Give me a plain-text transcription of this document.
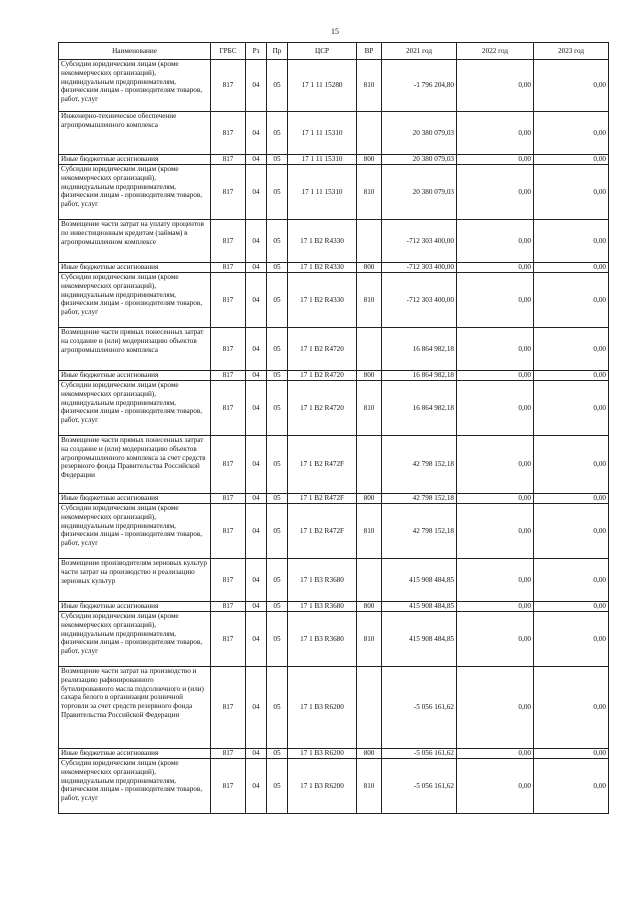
15
Наименование	ГРБС	Рз	Пр	ЦСР	ВР	2021 год	2022 год	2023 год
Субсидии юридическим лицам (кроме некоммерческих организаций), индивидуальным предпринимателям, физическим лицам - производителям товаров, работ, услуг	817	04	05	17 1 11 15280	810	-1 796 204,80	0,00	0,00
Инженерно-техническое обеспечение агропромышленного комплекса	817	04	05	17 1 11 15310		20 380 079,03	0,00	0,00
Иные бюджетные ассигнования	817	04	05	17 1 11 15310	800	20 380 079,03	0,00	0,00
Субсидии юридическим лицам (кроме некоммерческих организаций), индивидуальным предпринимателям, физическим лицам - производителям товаров, работ, услуг	817	04	05	17 1 11 15310	810	20 380 079,03	0,00	0,00
Возмещение части затрат на уплату процентов по инвестиционным кредитам (займам) в агропромышленном комплексе	817	04	05	17 1 B2 R4330		-712 303 400,00	0,00	0,00
Иные бюджетные ассигнования	817	04	05	17 1 B2 R4330	800	-712 303 400,00	0,00	0,00
Субсидии юридическим лицам (кроме некоммерческих организаций), индивидуальным предпринимателям, физическим лицам - производителям товаров, работ, услуг	817	04	05	17 1 B2 R4330	810	-712 303 400,00	0,00	0,00
Возмещение части прямых понесенных затрат на создание и (или) модернизацию объектов агропромышленного комплекса	817	04	05	17 1 B2 R4720		16 864 982,18	0,00	0,00
Иные бюджетные ассигнования	817	04	05	17 1 B2 R4720	800	16 864 982,18	0,00	0,00
Субсидии юридическим лицам (кроме некоммерческих организаций), индивидуальным предпринимателям, физическим лицам - производителям товаров, работ, услуг	817	04	05	17 1 B2 R4720	810	16 864 982,18	0,00	0,00
Возмещение части прямых понесенных затрат на создание и (или) модернизацию объектов агропромышленного комплекса за счет средств резервного фонда Правительства Российской Федерации	817	04	05	17 1 B2 R472F		42 798 152,18	0,00	0,00
Иные бюджетные ассигнования	817	04	05	17 1 B2 R472F	800	42 798 152,18	0,00	0,00
Субсидии юридическим лицам (кроме некоммерческих организаций), индивидуальным предпринимателям, физическим лицам - производителям товаров, работ, услуг	817	04	05	17 1 B2 R472F	810	42 798 152,18	0,00	0,00
Возмещение производителям зерновых культур части затрат на производство и реализацию зерновых культур	817	04	05	17 1 B3 R3680		415 908 484,85	0,00	0,00
Иные бюджетные ассигнования	817	04	05	17 1 B3 R3680	800	415 908 484,85	0,00	0,00
Субсидии юридическим лицам (кроме некоммерческих организаций), индивидуальным предпринимателям, физическим лицам - производителям товаров, работ, услуг	817	04	05	17 1 B3 R3680	810	415 908 484,85	0,00	0,00
Возмещение части затрат на производство и реализацию рафинированного бутилированного масла подсолнечного и (или) сахара белого в организации розничной торговли за счет средств резервного фонда Правительства Российской Федерации	817	04	05	17 1 B3 R6200		-5 056 161,62	0,00	0,00
Иные бюджетные ассигнования	817	04	05	17 1 B3 R6200	800	-5 056 161,62	0,00	0,00
Субсидии юридическим лицам (кроме некоммерческих организаций), индивидуальным предпринимателям, физическим лицам - производителям товаров, работ, услуг	817	04	05	17 1 B3 R6200	810	-5 056 161,62	0,00	0,00
